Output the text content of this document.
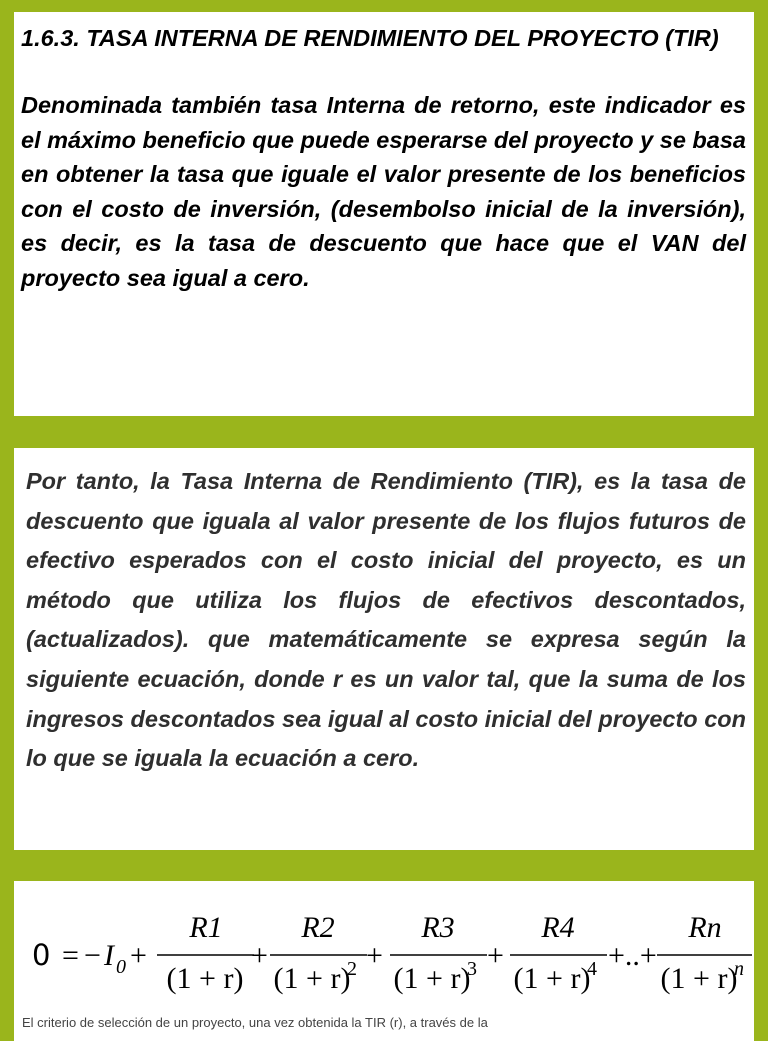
1.6.3. TASA INTERNA DE RENDIMIENTO DEL PROYECTO (TIR)

Denominada también tasa Interna de retorno, este indicador es el máximo beneficio que puede esperarse del proyecto y se basa en obtener la tasa que iguale el valor presente de los beneficios con el costo de inversión, (desembolso inicial de la inversión), es decir, es la tasa de descuento que hace que el VAN del proyecto sea igual a cero.

Por tanto, la Tasa Interna de Rendimiento (TIR), es la tasa de descuento que iguala al valor presente de los flujos futuros de efectivo esperados con el costo inicial del proyecto, es un método que utiliza los flujos de efectivos descontados, (actualizados). que matemáticamente se expresa según la siguiente ecuación, donde r es un valor tal, que la suma de los ingresos descontados sea igual al costo inicial del proyecto con lo que se iguala la ecuación a cero.

0 = − I 0 +
R1
(1 + r)
+
R2
(1 + r)
2 +
R3
(1 + r)
3 +
R4
(1 + r)
4 +..+
Rn
(1 + r)
n
El criterio de selección de un proyecto, una vez obtenida la TIR (r), a través de la
